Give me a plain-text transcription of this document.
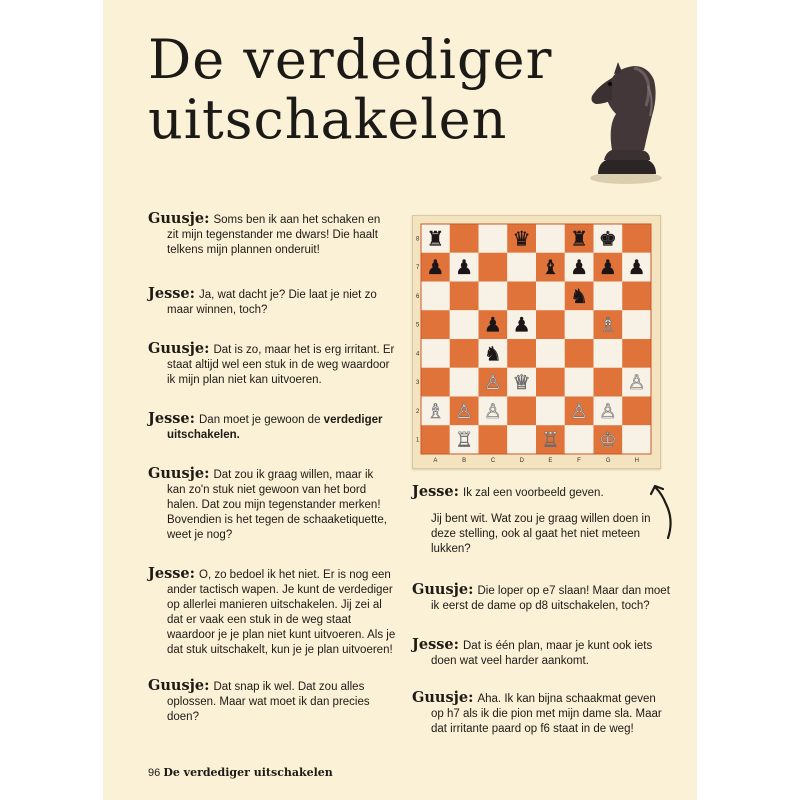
De verdediger
uitschakelen
Guusje: Soms ben ik aan het schaken en
zit mijn tegenstander me dwars! Die haalt telkens mijn plannen onderuit!
Jesse: Ja, wat dacht je? Die laat je niet zo
maar winnen, toch?
Guusje: Dat is zo, maar het is erg irritant. Er
staat altijd wel een stuk in de weg waardoor ik mijn plan niet kan uitvoeren.
Jesse: Dan moet je gewoon de verdediger
uitschakelen.
Guusje: Dat zou ik graag willen, maar ik
kan zo'n stuk niet gewoon van het bord halen. Dat zou mijn tegenstander merken! Bovendien is het tegen de schaaketiquette, weet je nog?
Jesse: O, zo bedoel ik het niet. Er is nog een
ander tactisch wapen. Je kunt de verdediger op allerlei manieren uitschakelen. Jij zei al dat er vaak een stuk in de weg staat waardoor je je plan niet kunt uitvoeren. Als je dat stuk uitschakelt, kun je je plan uitvoeren!
Guusje: Dat snap ik wel. Dat zou alles
oplossen. Maar wat moet ik dan precies doen?
Jesse: Ik zal een voorbeeld geven.
Jij bent wit. Wat zou je graag willen doen in deze stelling, ook al gaat het niet meteen lukken?
Guusje: Die loper op e7 slaan! Maar dan moet
ik eerst de dame op d8 uitschakelen, toch?
Jesse: Dat is één plan, maar je kunt ook iets
doen wat veel harder aankomt.
Guusje: Aha. Ik kan bijna schaakmat geven
op h7 als ik die pion met mijn dame sla. Maar dat irritante paard op f6 staat in de weg!
8
7
6
5
4
3
2
1
A	B	C	D	E	F	G	H
♜	♛ ♜ ♚
♟ ♟	♝ ♟ ♟ ♟
♞
♟ ♟	♗
♞
♙ ♕	♙
♗ ♙ ♙	♙ ♙
♖	♖ ♔
96 De verdediger uitschakelen
